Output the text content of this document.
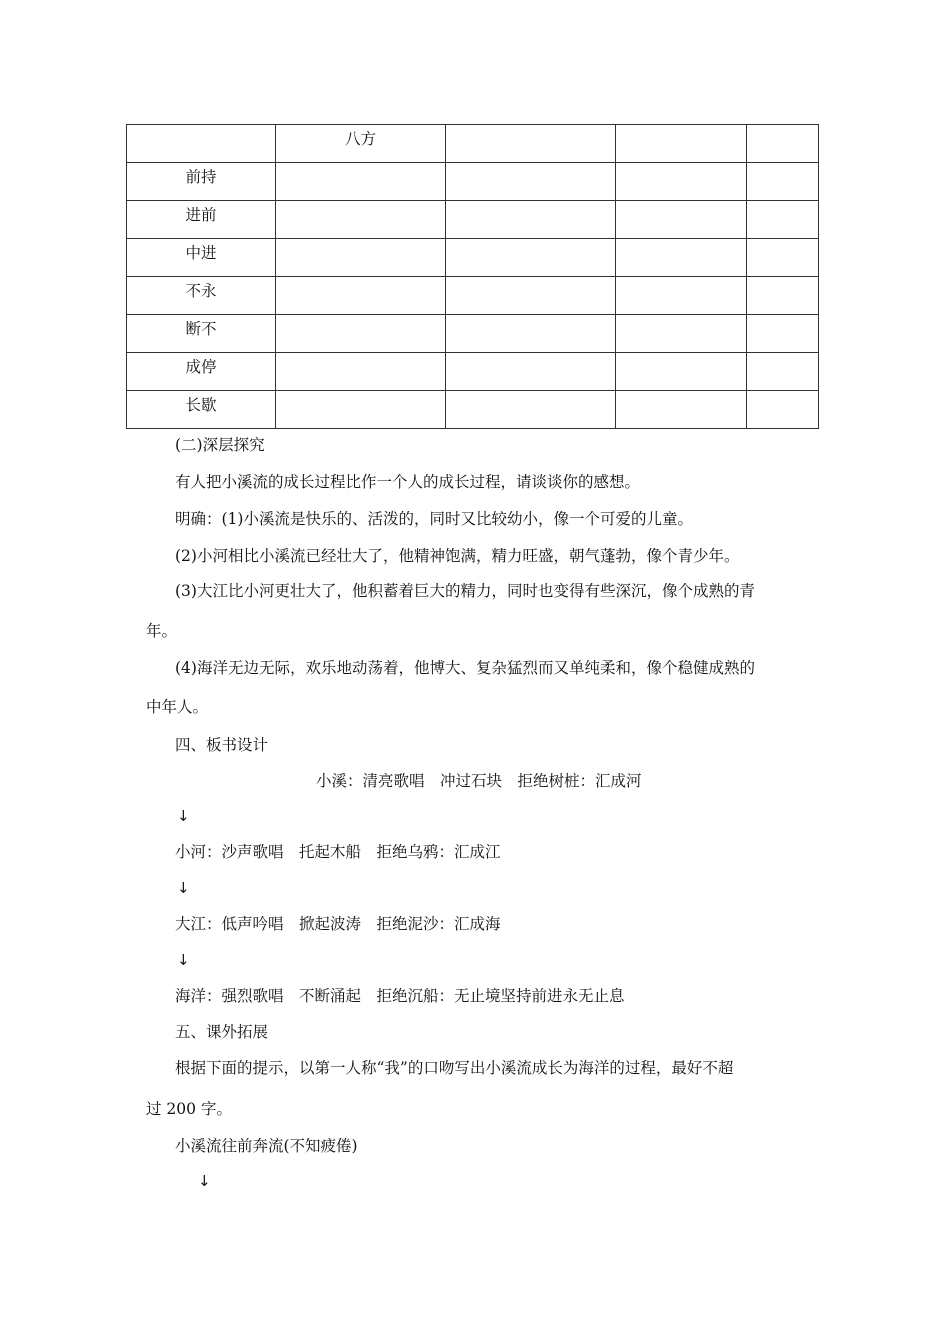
	八方			
前持				
进前				
中进				
不永				
断不				
成停				
长歇				
(二)深层探究
有人把小溪流的成长过程比作一个人的成长过程，请谈谈你的感想。
明确：(1)小溪流是快乐的、活泼的，同时又比较幼小，像一个可爱的儿童。
(2)小河相比小溪流已经壮大了，他精神饱满，精力旺盛，朝气蓬勃，像个青少年。
(3)大江比小河更壮大了，他积蓄着巨大的精力，同时也变得有些深沉，像个成熟的青
年。
(4)海洋无边无际，欢乐地动荡着，他博大、复杂猛烈而又单纯柔和，像个稳健成熟的
中年人。
四、板书设计
小溪：清亮歌唱　冲过石块　拒绝树桩：汇成河
↓
小河：沙声歌唱　托起木船　拒绝乌鸦：汇成江
↓
大江：低声吟唱　掀起波涛　拒绝泥沙：汇成海
↓
海洋：强烈歌唱　不断涌起　拒绝沉船：无止境坚持前进永无止息
五、课外拓展
根据下面的提示，以第一人称“我”的口吻写出小溪流成长为海洋的过程，最好不超
过 200 字。
小溪流往前奔流(不知疲倦)
↓
